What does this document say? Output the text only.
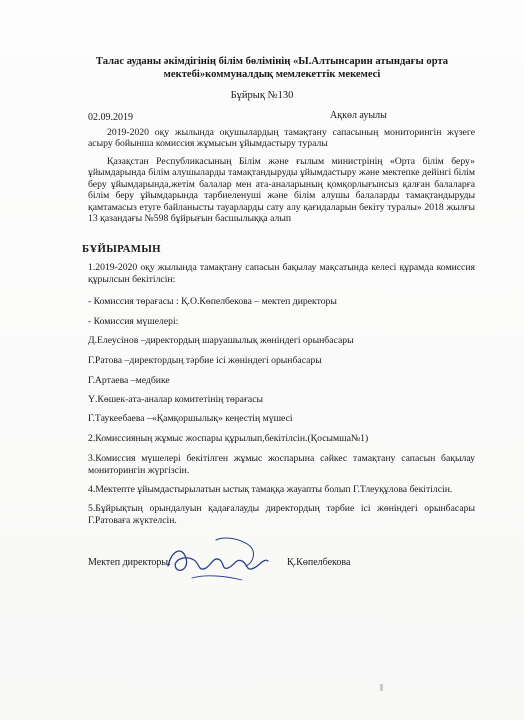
Талас ауданы әкімдігінің білім бөлімінің «Ы.Алтынсарин атындағы орта мектебі»коммуналдық мемлекеттік мекемесі
Бұйрық №130
02.09.2019	Ақкөл ауылы

2019-2020 оқу жылында оқушылардың тамақтану сапасының мониторингін жүзеге асыру бойынша комиссия жұмысын ұйымдастыру туралы

Қазақстан Республикасының Білім және ғылым министрінің «Орта білім беру» ұйымдарында білім алушыларды тамақтандыруды ұйымдастыру және мектепке дейінгі білім беру ұйымдарында,жетім балалар мен ата-аналарының қомқорлығынсыз қалған балаларға білім беру ұйымдарында тәрбиеленуші және білім алушы балаларды тамақтандыруды қамтамасыз етуге байланысты тауарларды сату алу қағидаларын бекіту туралы» 2018 жылғы 13 қазандағы №598 бұйрығын басшылыққа алып

БҰЙЫРАМЫН

1.2019-2020 оқу жылында тамақтану сапасын бақылау мақсатында келесі құрамда комиссия құрылсын бекітілсін:

- Комиссия төрағасы : Қ.О.Көпелбекова – мектеп директоры

- Комиссия мүшелері:

Д.Елеусінов –директордың шаруашылық жөніндегі орынбасары

Г.Ратова –директордың тәрбие ісі жөніндегі орынбасары

Г.Артаева –медбике

Ү.Көшек-ата-аналар комитетінің төрағасы

Г.Таукеебаева –«Қамқоршылық» кеңестің мүшесі

2.Комиссияның жұмыс жоспары құрылып,бекітілсін.(Қосымша№1)

3.Комиссия мүшелері бекітілген жұмыс жоспарына сәйкес тамақтану сапасын бақылау мониторингін жүргізсін.

4.Мектепте ұйымдастырылатын ыстық тамаққа жауапты болып Г.Тлеуқұлова бекітілсін.

5.Бұйрықтың орындалуын қадағалауды директордың тәрбие ісі жөніндегі орынбасары Г.Ратоваға жүктелсін.

Мектеп директоры:	Қ.Көпелбекова
